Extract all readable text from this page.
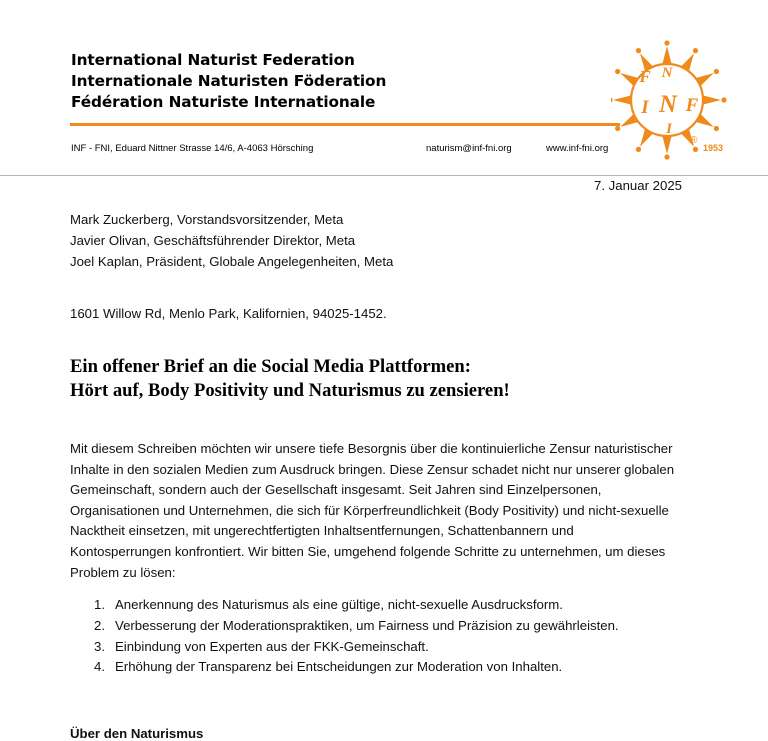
International Naturist Federation
Internationale Naturisten Föderation
Fédération Naturiste Internationale
F N
I N F
I
®
1953
INF - FNI, Eduard Nittner Strasse 14/6, A-4063 Hörsching	naturism@inf-fni.org	www.inf-fni.org
7. Januar 2025
Mark Zuckerberg, Vorstandsvorsitzender, Meta
Javier Olivan, Geschäftsführender Direktor, Meta
Joel Kaplan, Präsident, Globale Angelegenheiten, Meta
1601 Willow Rd, Menlo Park, Kalifornien, 94025-1452.
Ein offener Brief an die Social Media Plattformen:
Hört auf, Body Positivity und Naturismus zu zensieren!
Mit diesem Schreiben möchten wir unsere tiefe Besorgnis über die kontinuierliche Zensur naturistischer
Inhalte in den sozialen Medien zum Ausdruck bringen. Diese Zensur schadet nicht nur unserer globalen
Gemeinschaft, sondern auch der Gesellschaft insgesamt. Seit Jahren sind Einzelpersonen,
Organisationen und Unternehmen, die sich für Körperfreundlichkeit (Body Positivity) und nicht-sexuelle
Nacktheit einsetzen, mit ungerechtfertigten Inhaltsentfernungen, Schattenbannern und
Kontosperrungen konfrontiert. Wir bitten Sie, umgehend folgende Schritte zu unternehmen, um dieses
Problem zu lösen:
1. Anerkennung des Naturismus als eine gültige, nicht-sexuelle Ausdrucksform.
2. Verbesserung der Moderationspraktiken, um Fairness und Präzision zu gewährleisten.
3. Einbindung von Experten aus der FKK-Gemeinschaft.
4. Erhöhung der Transparenz bei Entscheidungen zur Moderation von Inhalten.
Über den Naturismus
